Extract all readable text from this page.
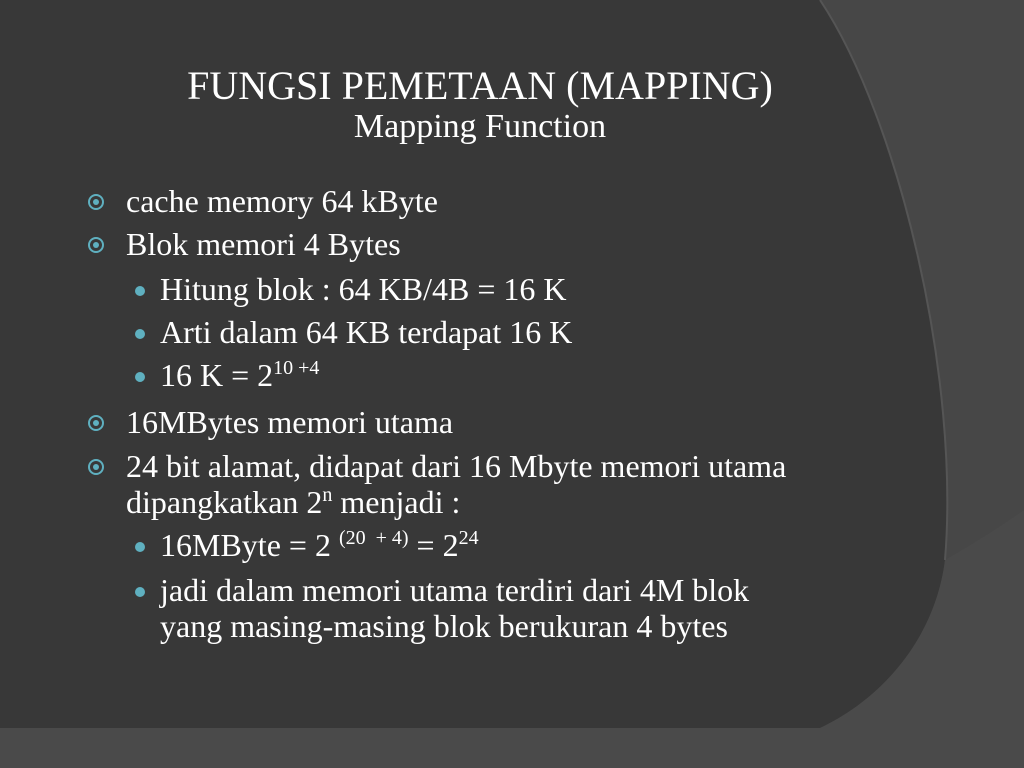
FUNGSI PEMETAAN (MAPPING)
Mapping Function
cache memory 64 kByte
Blok memori 4 Bytes
Hitung blok : 64 KB/4B = 16 K
Arti dalam 64 KB terdapat 16 K
16 $K = 2^{10 +4}$
16MBytes memori utama
24 bit alamat, didapat dari 16 Mbyte memori utama
dipangkatkan 2$^n$ menjadi :
16MByte = 2 $^{(20 + 4)} = 2^{24}$
jadi dalam memori utama terdiri dari 4M blok
yang masing-masing blok berukuran 4 bytes
